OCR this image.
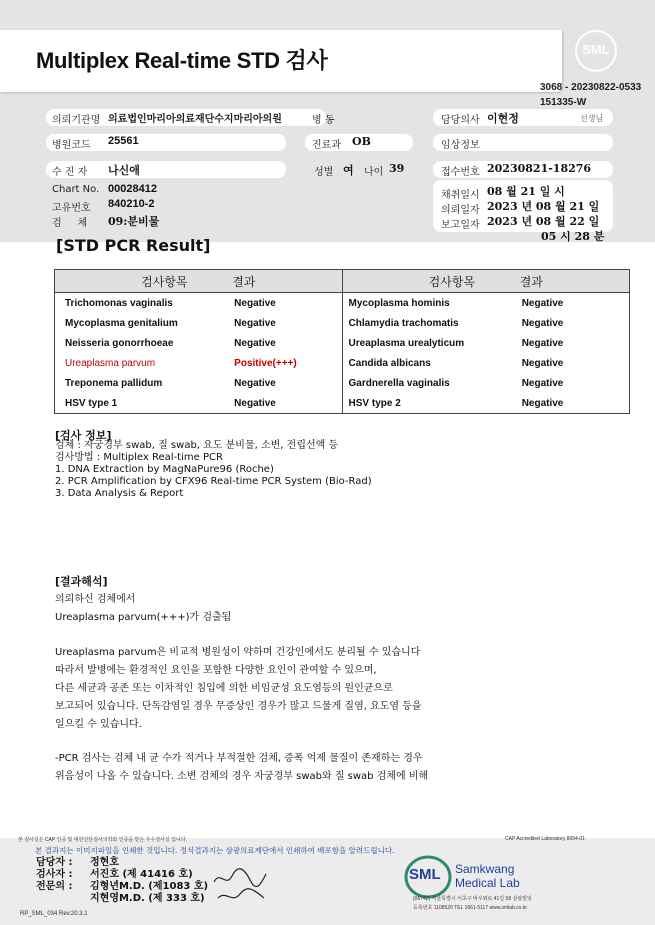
Multiplex Real-time STD 검사	SML
3068 - 20230822-0533
151335-W
의뢰기관명 의료법인마리아의료재단수지마리아의원	병 동	담당의사 이현정	선생님
병원코드 25561	진료과 OB	임상정보
수 진 자 나신애	성별 여 나이 39	접수번호 20230821-18276
Chart No. 00028412
고유번호 840210-2
검     체 09:분비물
채취일시 08 월 21 일 시
의뢰일자 2023 년 08 월 21 일
보고일자 2023 년 08 월 22 일
05 시 28 분
[STD PCR Result]
검사항목 결과		검사항목 결과	
Trichomonas vaginalis	Negative	Mycoplasma hominis	Negative
Mycoplasma genitalium	Negative	Chlamydia trachomatis	Negative
Neisseria gonorrhoeae	Negative	Ureaplasma urealyticum	Negative
Ureaplasma parvum	Positive(+++)	Candida albicans	Negative
Treponema pallidum	Negative	Gardnerella vaginalis	Negative
HSV type 1	Negative	HSV type 2	Negative
[검사 정보]
검체 : 자궁경부 swab, 질 swab, 요도 분비물, 소변, 전립선액 등
검사방법 : Multiplex Real-time PCR
1. DNA Extraction by MagNaPure96 (Roche)
2. PCR Amplification by CFX96 Real-time PCR System (Bio-Rad)
3. Data Analysis & Report
[결과해석]
의뢰하신 검체에서
Ureaplasma parvum(+++)가 검출됨
Ureaplasma parvum은 비교적 병원성이 약하며 건강인에서도 분리될 수 있습니다
따라서 발병에는 환경적인 요인을 포함한 다양한 요인이 관여할 수 있으며,
다른 세균과 공존 또는 이차적인 침입에 의한 비임균성 요도염등의 원인균으로
보고되어 있습니다. 단독감염일 경우 무증상인 경우가 많고 드물게 질염, 요도염 등을
일으킬 수 있습니다.
-PCR 검사는 검체 내 균 수가 적거나 부적절한 검체, 증폭 억제 물질이 존재하는 경우
위음성이 나올 수 있습니다. 소변 검체의 경우 자궁경부 swab와 질 swab 검체에 비해
본 검사실은 CAP 인증 및 대한진단검사의학회 인증을 받은 우수검사실 입니다.	CAP Accredited Laboratory 8994-01
본 결과지는 이미지파일을 인쇄한 것입니다. 정식결과지는 삼광의료재단에서 인쇄하여 배포함을 알려드립니다.
담당자 : 정현호
검사자 : 서진호 (제 41416 호)
전문의 : 김형년M.D. (제1083 호)
지현영M.D. (제 333 호)
RP_SML_034 Rev.20.3.1
SML Samkwang
Medical Lab
(06742) 서울특별시 서초구 바우뫼로 41길 58 삼광빌딩
등록번호 1108520 TEL 1661-5117 www.smlab.co.kr
